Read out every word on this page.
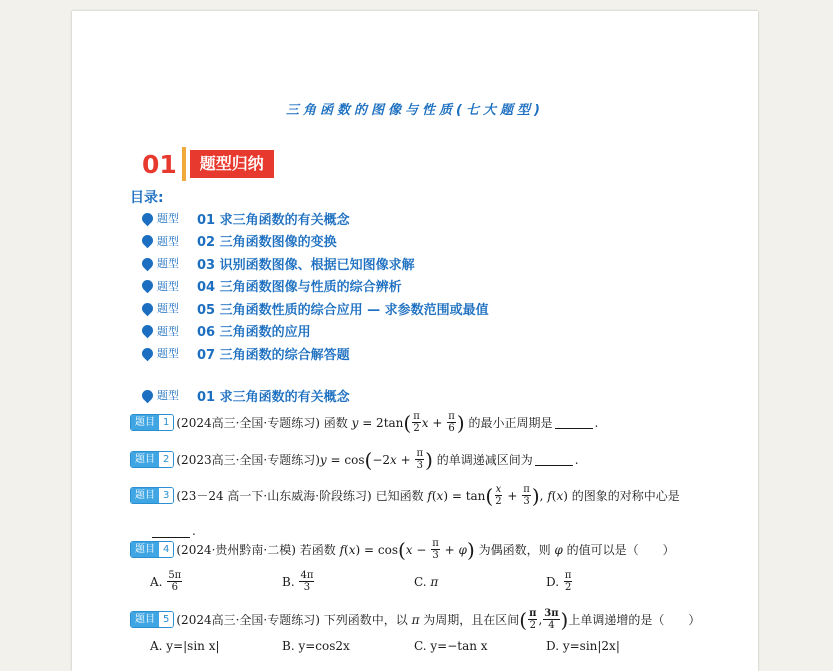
三角函数的图像与性质(七大题型)
01	题型归纳
目录:
题型	01 求三角函数的有关概念
题型	02 三角函数图像的变换
题型	03 识别函数图像、根据已知图像求解
题型	04 三角函数图像与性质的综合辨析
题型	05 三角函数性质的综合应用 — 求参数范围或最值
题型	06 三角函数的应用
题型	07 三角函数的综合解答题
题型	01 求三角函数的有关概念
题目 1 (2024高三·全国·专题练习)
函数
y = 2tan ( $\frac{\pi}{2}$ $x + \frac{\pi}{6}$ )
的最小正周期是	.
题目 2 (2023高三·全国·专题练习) y = cos ( −2 $x + \frac{\pi}{3}$ )
的单调递减区间为	.
题目 3 (23－24 高一下·山东威海·阶段练习)
已知函数
f ( x ) = tan ( $\frac{x}{2} + \frac{\pi}{3}$ ) , f ( x ) 的图象的对称中心是
.
题目 4 (2024·贵州黔南·二模)
若函数
f ( x ) = cos ( $x - \frac{\pi}{3} + \varphi$ )
为偶函数，则 φ 的值可以是（　　）
A.
$\frac{5\pi}{6}$	B.
$\frac{4\pi}{3}$	C.
π	D.
$\frac{\pi}{2}$
题目 5 (2024高三·全国·专题练习)
下列函数中，以 π 为周期，且在区间 ( $\frac{\pi}{2}$ , $\frac{3\pi}{4}$ ) 上单调递增的是（　　）
A. y=|sin x|	B. y=cos2x	C. y=−tan x	D. y=sin|2x|
